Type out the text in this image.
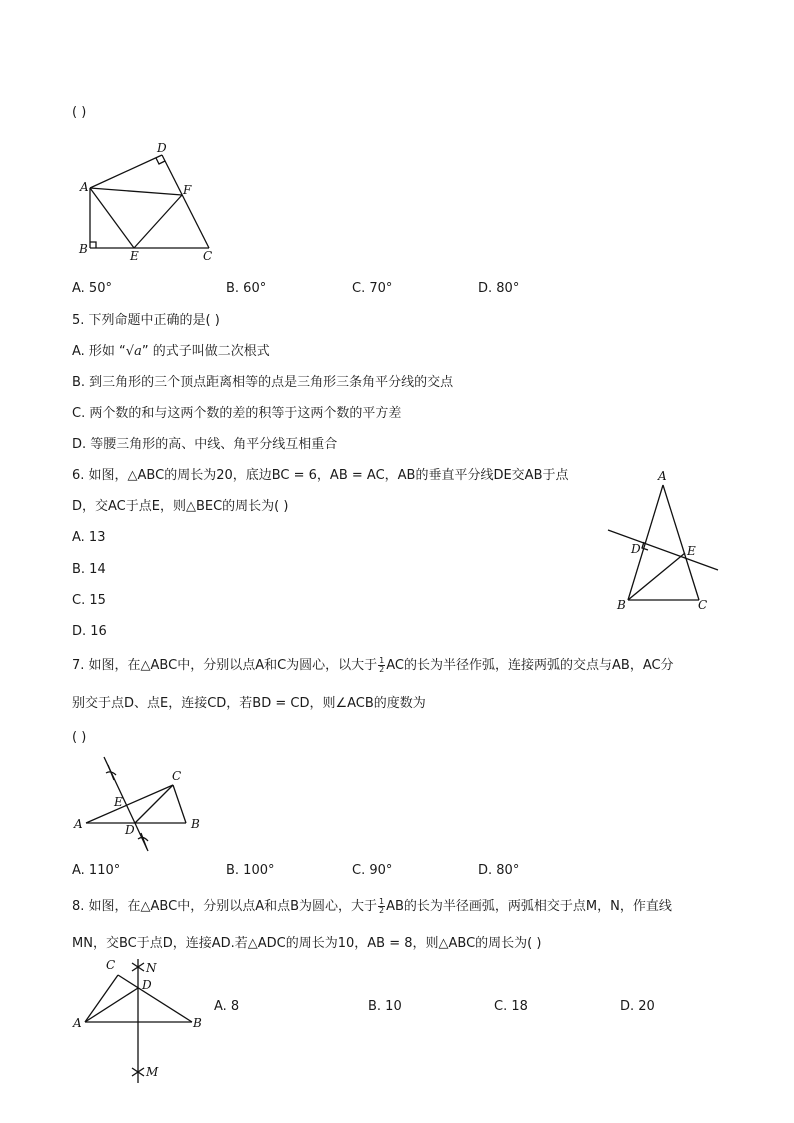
( )
A
B	C
D
E
F
A. 50°	B. 60°	C. 70°	D. 80°
5. 下列命题中正确的是( )
A. 形如 “√a” 的式子叫做二次根式
B. 到三角形的三个顶点距离相等的点是三角形三条角平分线的交点
C. 两个数的和与这两个数的差的积等于这两个数的平方差
D. 等腰三角形的高、中线、角平分线互相重合
6. 如图，△ABC的周长为20，底边BC = 6，AB = AC，AB的垂直平分线DE交AB于点
D，交AC于点E，则△BEC的周长为( )
A. 13
B. 14
C. 15
D. 16
A
B	C
D	E
7. 如图，在△ABC中，分别以点A和C为圆心，以大于 $\frac{1}{2}$ AC的长为半径作弧，连接两弧的交点与AB，AC分
别交于点D、点E，连接CD，若BD = CD，则∠ACB的度数为
( )
A	B
C
D
E
A. 110°	B. 100°	C. 90°	D. 80°
8. 如图，在△ABC中，分别以点A和点B为圆心，大于 $\frac{1}{2}$ AB的长为半径画弧，两弧相交于点M，N，作直线
MN，交BC于点D，连接AD.若△ADC的周长为10，AB = 8，则△ABC的周长为( )
A	B
C
D
M
N
A. 8	B. 10	C. 18	D. 20
